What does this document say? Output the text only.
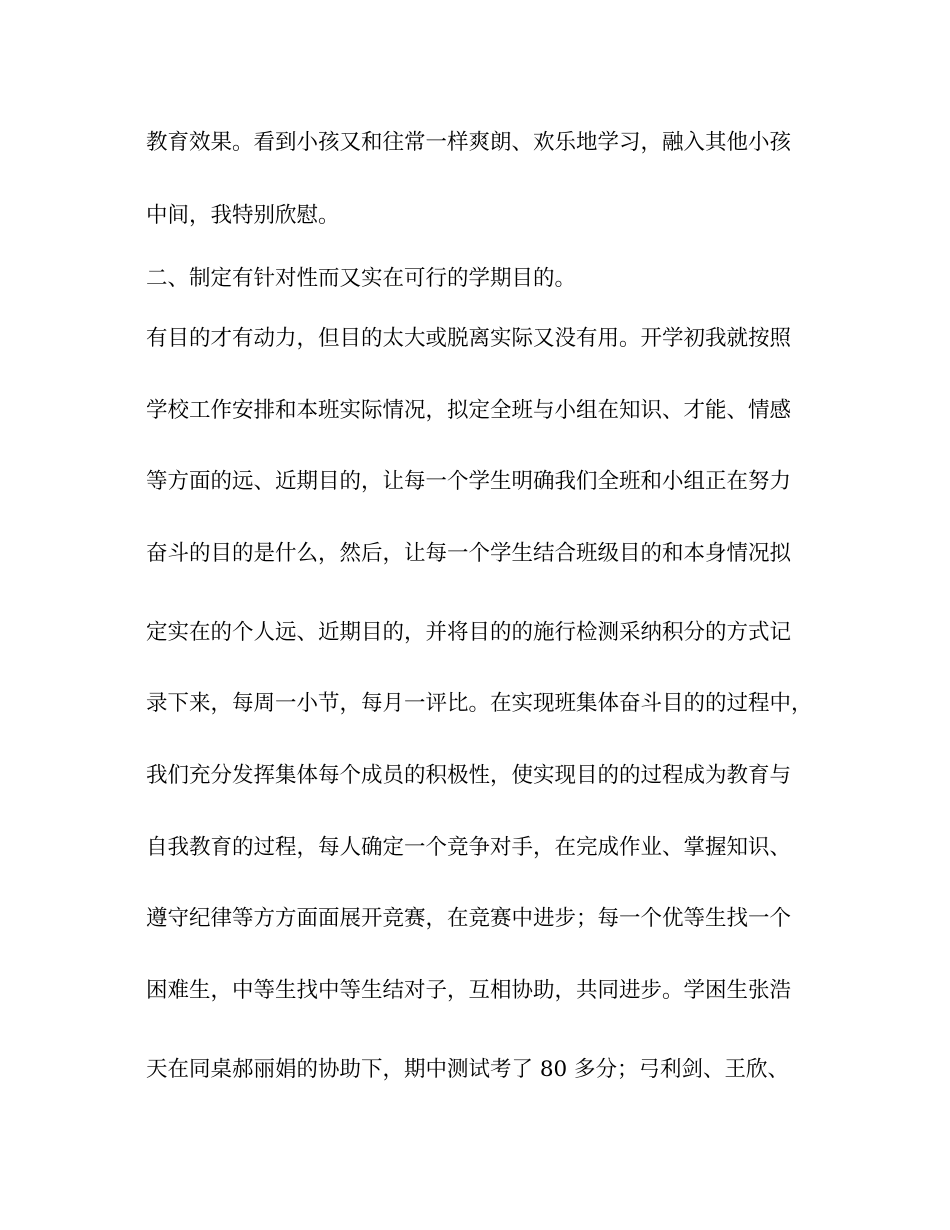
教育效果。看到小孩又和往常一样爽朗、欢乐地学习，融入其他小孩
中间，我特别欣慰。
二、制定有针对性而又实在可行的学期目的。
有目的才有动力，但目的太大或脱离实际又没有用。开学初我就按照
学校工作安排和本班实际情况，拟定全班与小组在知识、才能、情感
等方面的远、近期目的，让每一个学生明确我们全班和小组正在努力
奋斗的目的是什么，然后，让每一个学生结合班级目的和本身情况拟
定实在的个人远、近期目的，并将目的的施行检测采纳积分的方式记
录下来，每周一小节，每月一评比。在实现班集体奋斗目的的过程中，
我们充分发挥集体每个成员的积极性，使实现目的的过程成为教育与
自我教育的过程，每人确定一个竞争对手，在完成作业、掌握知识、
遵守纪律等方方面面展开竞赛，在竞赛中进步；每一个优等生找一个
困难生，中等生找中等生结对子，互相协助，共同进步。学困生张浩
天在同桌郝丽娟的协助下，期中测试考了 80 多分；弓利剑、王欣、
